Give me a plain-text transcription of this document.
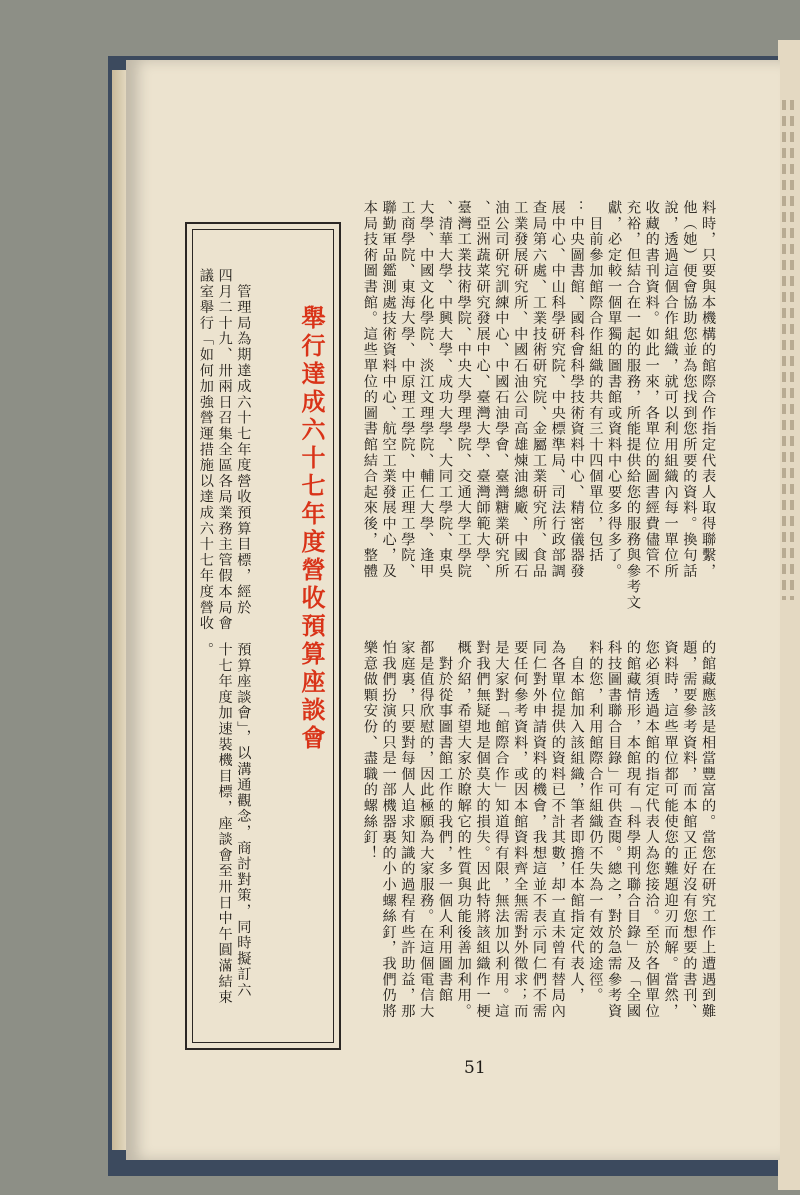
料時，只要與本機構的館際合作指定代表人取得聯繫，
他（她）便會協助您並為您找到您所要的資料。換句話
說，透過這個合作組織，就可以利用組織內每一單位所
收藏的書刊資料。如此一來，各單位的圖書經費儘管不
充裕，但結合在一起的服務，所能提供給您的服務與參考文
獻，必定較一個單獨的圖書館或資料中心要多得多了。
　目前參加館際合作組織的共有三十四個單位，包括
：中央圖書館、國科會科學技術資料中心、精密儀器發
展中心、中山科學研究院、中央標準局、司法行政部調
查局第六處、工業技術研究院、金屬工業研究所、食品
工業發展研究所、中國石油公司高雄煉油總廠、中國石
油公司研究訓練中心、中國石油學會、臺灣糖業研究所
、亞洲蔬菜研究發展中心、臺灣大學、臺灣師範大學、
臺灣工業技術學院、中央大學理學院、交通大學工學院
、清華大學、中興大學、成功大學、大同工學院、東吳
大學、中國文化學院、淡江文理學院、輔仁大學、逢甲
工商學院、東海大學、中原理工學院、中正理工學院、
聯勤軍品鑑測處技術資料中心、航空工業發展中心，及
本局技術圖書館。這些單位的圖書館結合起來後，整體
的館藏應該是相當豐富的。當您在研究工作上遭遇到難
題，需要參考資料，而本館又正好沒有您想要的書刊、
資料時，這些單位都可能使您的難題迎刃而解。當然，
您必須透過本館的指定代表人為您接洽。至於各個單位
的館藏情形，本館現有「科學期刊聯合目錄」及「全國
科技圖書聯合目錄」可供查閱。總之，對於急需參考資
料的您，利用館際合作組織仍不失為一有效的途徑。
　自本館加入該組織，筆者即擔任本館指定代表人，
為各單位提供的資料已不計其數，却一直未曾有替局內
同仁對外申請資料的機會，我想這並不表示同仁們不需
要任何參考資料，或因本館資料齊全無需對外徵求；而
是大家對「館際合作」知道得有限，無法加以利用。這
對我們無疑地是個莫大的損失。因此特將該組織作一梗
概介紹，希望大家於瞭解它的性質與功能後善加利用。
　對於從事圖書館工作的我們，多一個人利用圖書館
都是值得欣慰的，因此極願為大家服務。在這個電信大
家庭裏，只要對每個人追求知識的過程有些許助益，那
怕我們扮演的只是一部機器裏的小小螺絲釘，我們仍將
樂意做顆安份、盡職的螺絲釘！
舉行達成六十七年度營收預算座談會
　管理局為期達成六十七年度營收預算目標，經於
四月二十九、卅兩日召集全區各局業務主管假本局會
議室舉行「如何加強營運措施以達成六十七年度營收
預算座談會」，以溝通觀念，商討對策，同時擬訂六
十七年度加速裝機目標，座談會至卅日中午圓滿結束
。
51
